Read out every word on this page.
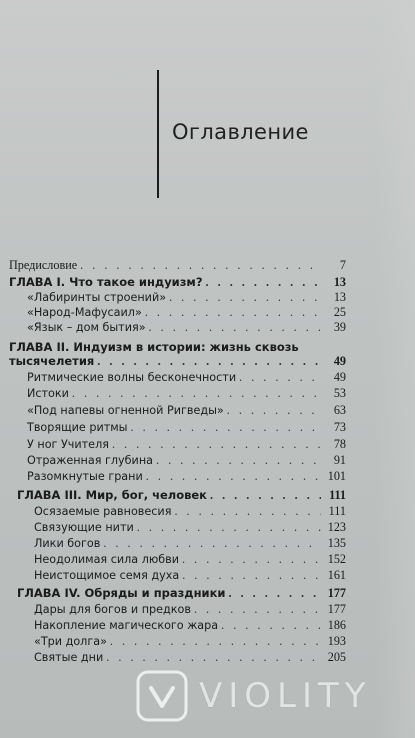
Оглавление
Предисловие . . .	7
ГЛАВА I. Что такое индуизм? . . .	13
«Лабиринты строений» . . .	13
«Народ-Мафусаил» . . .	25
«Язык – дом бытия» . . .	39
ГЛАВА II. Индуизм в истории: жизнь сквозь
тысячелетия . . .	49
Ритмические волны бесконечности . . .	49
Истоки . . .	53
«Под напевы огненной Ригведы» . . .	63
Творящие ритмы . . .	73
У ног Учителя . . .	78
Отраженная глубина . . .	91
Разомкнутые грани . . .	101
ГЛАВА III. Мир, бог, человек . . .	111
Осязаемые равновесия . . .	111
Связующие нити . . .	123
Лики богов . . .	135
Неодолимая сила любви . . .	152
Неистощимое семя духа . . .	161
ГЛАВА IV. Обряды и праздники . . .	177
Дары для богов и предков . . .	177
Накопление магического жара . . .	186
«Три долга» . . .	193
Святые дни . . .	205
VIOLITY
